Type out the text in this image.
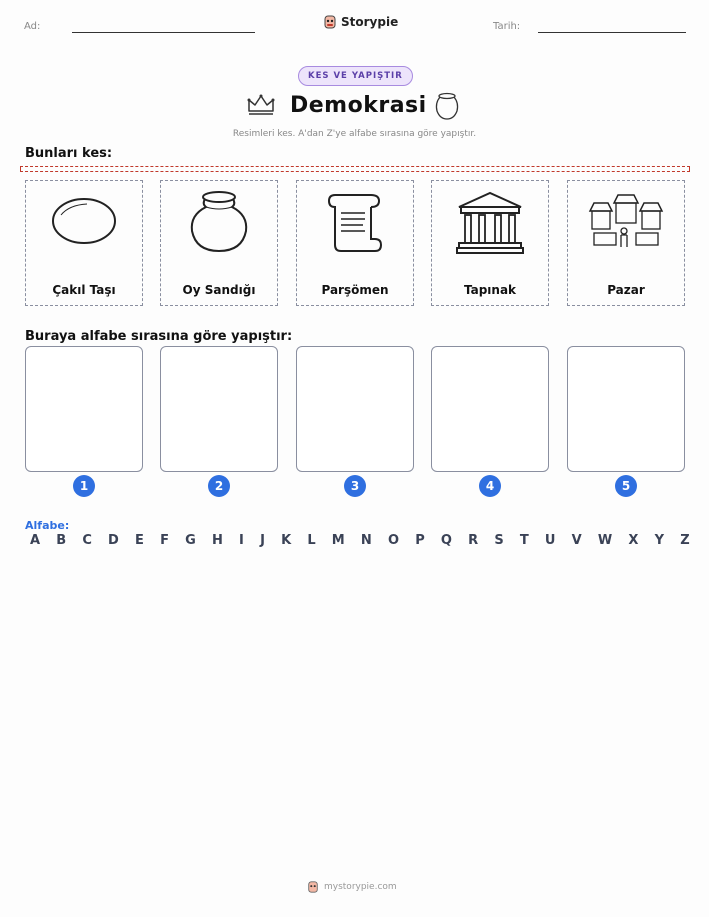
Ad:	Storypie	Tarih:
KES VE YAPIŞTIR
Demokrasi
Resimleri kes. A'dan Z'ye alfabe sırasına göre yapıştır.
Bunları kes:
Çakıl Taşı	Oy Sandığı	Parşömen	Tapınak	Pazar
Buraya alfabe sırasına göre yapıştır:
1	2	3	4	5
Alfabe:
A B C D E F G H I J K L M N O P Q R S T U V W X Y Z
mystorypie.com
